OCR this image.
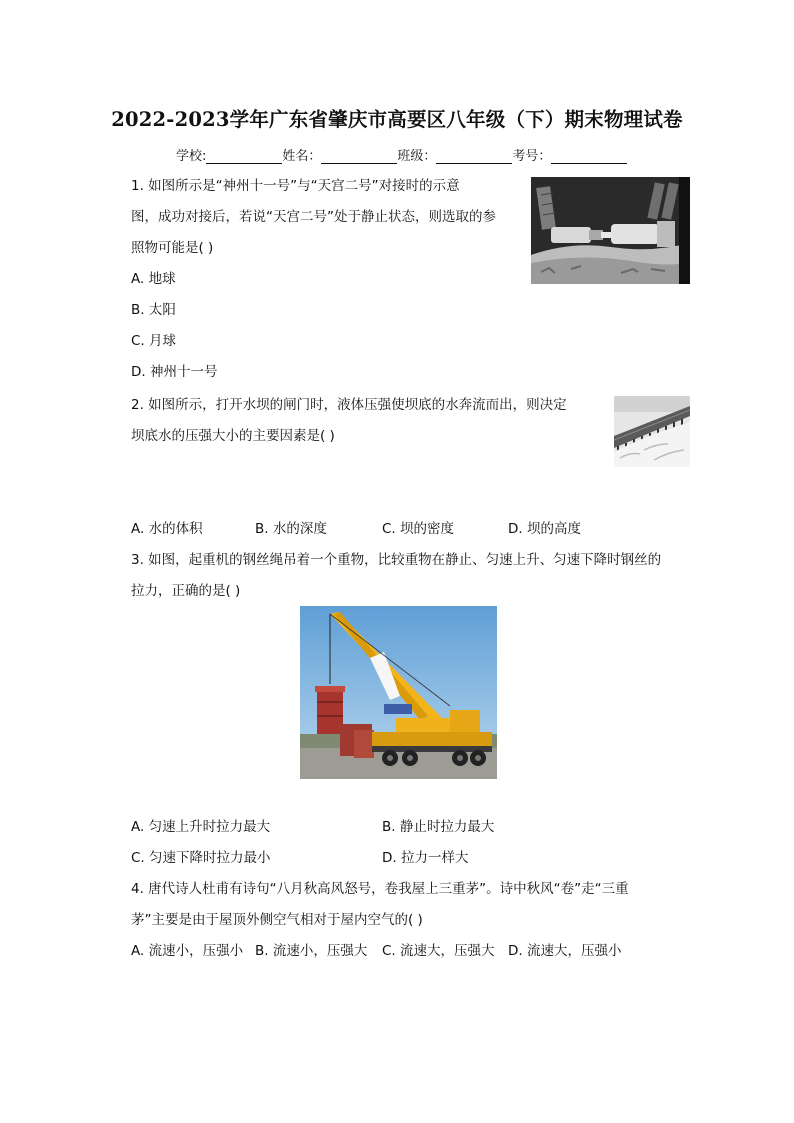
2022-2023学年广东省肇庆市高要区八年级（下）期末物理试卷
学校:	姓名：	班级：	考号：
1. 如图所示是“神州十一号”与“天宫二号”对接时的示意
图，成功对接后，若说“天宫二号”处于静止状态，则选取的参
照物可能是( )
A. 地球
B. 太阳
C. 月球
D. 神州十一号
2. 如图所示，打开水坝的闸门时，液体压强使坝底的水奔流而出，则决定
坝底水的压强大小的主要因素是( )
A. 水的体积	B. 水的深度	C. 坝的密度	D. 坝的高度
3. 如图，起重机的钢丝绳吊着一个重物，比较重物在静止、匀速上升、匀速下降时钢丝的
拉力，正确的是( )
A. 匀速上升时拉力最大	B. 静止时拉力最大
C. 匀速下降时拉力最小	D. 拉力一样大
4. 唐代诗人杜甫有诗句“八月秋高风怒号，卷我屋上三重茅”。诗中秋风“卷”走“三重
茅”主要是由于屋顶外侧空气相对于屋内空气的( )
A. 流速小，压强小 B. 流速小，压强大 C. 流速大，压强大 D. 流速大，压强小
